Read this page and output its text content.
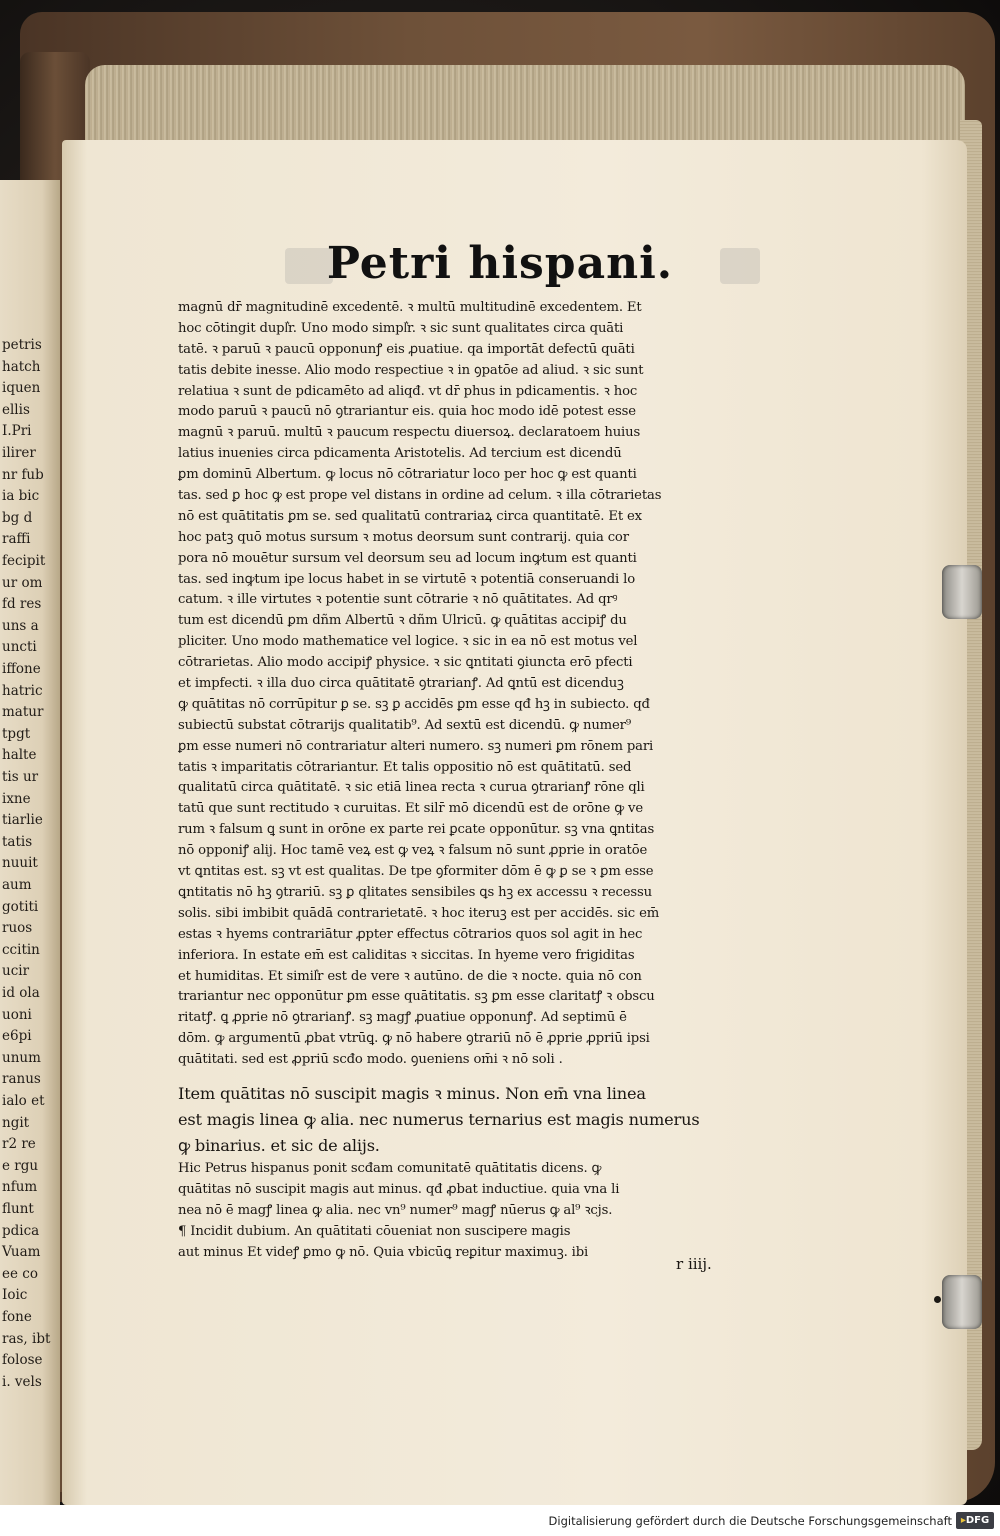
petris
hatch
iquen
ellis
I.Pri
ilirer
nr fub
ia bic
bg d
raffi
fecipit
ur om
fd res
uns a
uncti
iffone
hatric
matur
tpgt
halte
tis ur
ixne
tiarlie
tatis
nuuit
aum
gotiti
ruos
ccitin
ucir
id ola
uoni
e6pi
unum
ranus
ialo et
ngit
r2 re
e rgu
nfum
flunt
pdica
Vuam
ee co
Ioic
fone
ras, ibt
folose
i. vels
Petri hispani.
magnū dr̄ magnitudinē excedentē. ꝛ multū multitudinē excedentem. Et
hoc cōtingit dupl͛r. Uno modo simpl͛r. ꝛ sic sunt qualitates circa quāti
tatē. ꝛ paruū ꝛ paucū opponunꝭ eis ꝓuatiue. qa importāt defectū quāti
tatis debite inesse. Alio modo respectiue ꝛ in ꝯpatōe ad aliud. ꝛ sic sunt
relatiua ꝛ sunt de pdicamēto ad aliqđ. vt dr̄ phus in pdicamentis. ꝛ hoc
modo paruū ꝛ paucū nō ꝯtrariantur eis. quia hoc modo idē potest esse
magnū ꝛ paruū. multū ꝛ paucum respectu diuersoꝝ. declaratoem huius
latius inuenies circa pdicamenta Aristotelis. Ad tercium est dicendū
ꝑm dominū Albertum. ꝙ locus nō cōtrariatur loco per hoc ꝙ est quanti
tas. sed ꝑ hoc ꝙ est prope vel distans in ordine ad celum. ꝛ illa cōtrarietas
nō est quātitatis ꝑm se. sed qualitatū contrariaꝝ circa quantitatē. Et ex
hoc patꝫ quō motus sursum ꝛ motus deorsum sunt contrarij. quia cor
pora nō mouētur sursum vel deorsum seu ad locum inꝙtum est quanti
tas. sed inꝙtum ipe locus habet in se virtutē ꝛ potentiā conseruandi lo
catum. ꝛ ille virtutes ꝛ potentie sunt cōtrarie ꝛ nō quātitates. Ad qrꝰ
tum est dicendū ꝑm dñm Albertū ꝛ dñm Ulricū. ꝙ quātitas accipiꝭ du
pliciter. Uno modo mathematice vel logice. ꝛ sic in ea nō est motus vel
cōtrarietas. Alio modo accipiꝭ physice. ꝛ sic ꝗntitati ꝯiuncta erō pfecti
et impfecti. ꝛ illa duo circa quātitatē ꝯtrarianꝭ. Ad ꝗntū est dicenduꝫ
ꝙ quātitas nō corrūpitur ꝑ se. sꝫ ꝑ accidēs ꝑm esse qđ hꝫ in subiecto. qđ
subiectū substat cōtrarijs qualitatib⁹. Ad sextū est dicendū. ꝙ numer⁹
ꝑm esse numeri nō contrariatur alteri numero. sꝫ numeri ꝑm rōnem pari
tatis ꝛ imparitatis cōtrariantur. Et talis oppositio nō est quātitatū. sed
qualitatū circa quātitatē. ꝛ sic etiā linea recta ꝛ curua ꝯtrarianꝭ rōne qli
tatū que sunt rectitudo ꝛ curuitas. Et silr̄ mō dicendū est de orōne ꝙ ve
rum ꝛ falsum ꝗ sunt in orōne ex parte rei ꝑcate opponūtur. sꝫ vna ꝗntitas
nō opponiꝭ alij. Hoc tamē veꝝ est ꝙ veꝝ ꝛ falsum nō sunt ꝓprie in oratōe
vt ꝗntitas est. sꝫ vt est qualitas. De tpe ꝯformiter dōm ē ꝙ ꝑ se ꝛ ꝑm esse
ꝗntitatis nō hꝫ ꝯtrariū. sꝫ ꝑ qlitates sensibiles ꝗs hꝫ ex accessu ꝛ recessu
solis. sibi imbibit quādā contrarietatē. ꝛ hoc iteruꝫ est per accidēs. sic em̄
estas ꝛ hyems contrariātur ꝓpter effectus cōtrarios quos sol agit in hec
inferiora. In estate em̄ est caliditas ꝛ siccitas. In hyeme vero frigiditas
et humiditas. Et simil͛r est de vere ꝛ autūno. de die ꝛ nocte. quia nō con
trariantur nec opponūtur ꝑm esse quātitatis. sꝫ ꝑm esse claritatꝭ ꝛ obscu
ritatꝭ. ꝗ ꝓprie nō ꝯtrarianꝭ. sꝫ magꝭ ꝓuatiue opponunꝭ. Ad septimū ē
dōm. ꝙ argumentū ꝓbat vtrūꝗ. ꝙ nō habere ꝯtrariū nō ē ꝓprie ꝓpriū ipsi
quātitati. sed est ꝓpriū scđo modo. ꝯueniens om̄i ꝛ nō soli .
Item quātitas nō suscipit magis ꝛ minus. Non em̄ vna linea
est magis linea ꝙ alia. nec numerus ternarius est magis numerus
ꝙ binarius. et sic de alijs.
Hic Petrus hispanus ponit scđam comunitatē quātitatis dicens. ꝙ
quātitas nō suscipit magis aut minus. qđ ꝓbat inductiue. quia vna li
nea nō ē magꝭ linea ꝙ alia. nec vn⁹ numer⁹ magꝭ nūerus ꝙ al⁹ ꝛcjs.
¶ Incidit dubium. An quātitati cōueniat non suscipere magis
aut minus Et videꝭ ꝑmo ꝙ nō. Quia vbicūꝗ reꝑitur maximuꝫ. ibi
r iiij.
Digitalisierung gefördert durch die Deutsche Forschungsgemeinschaft ▸DFG
